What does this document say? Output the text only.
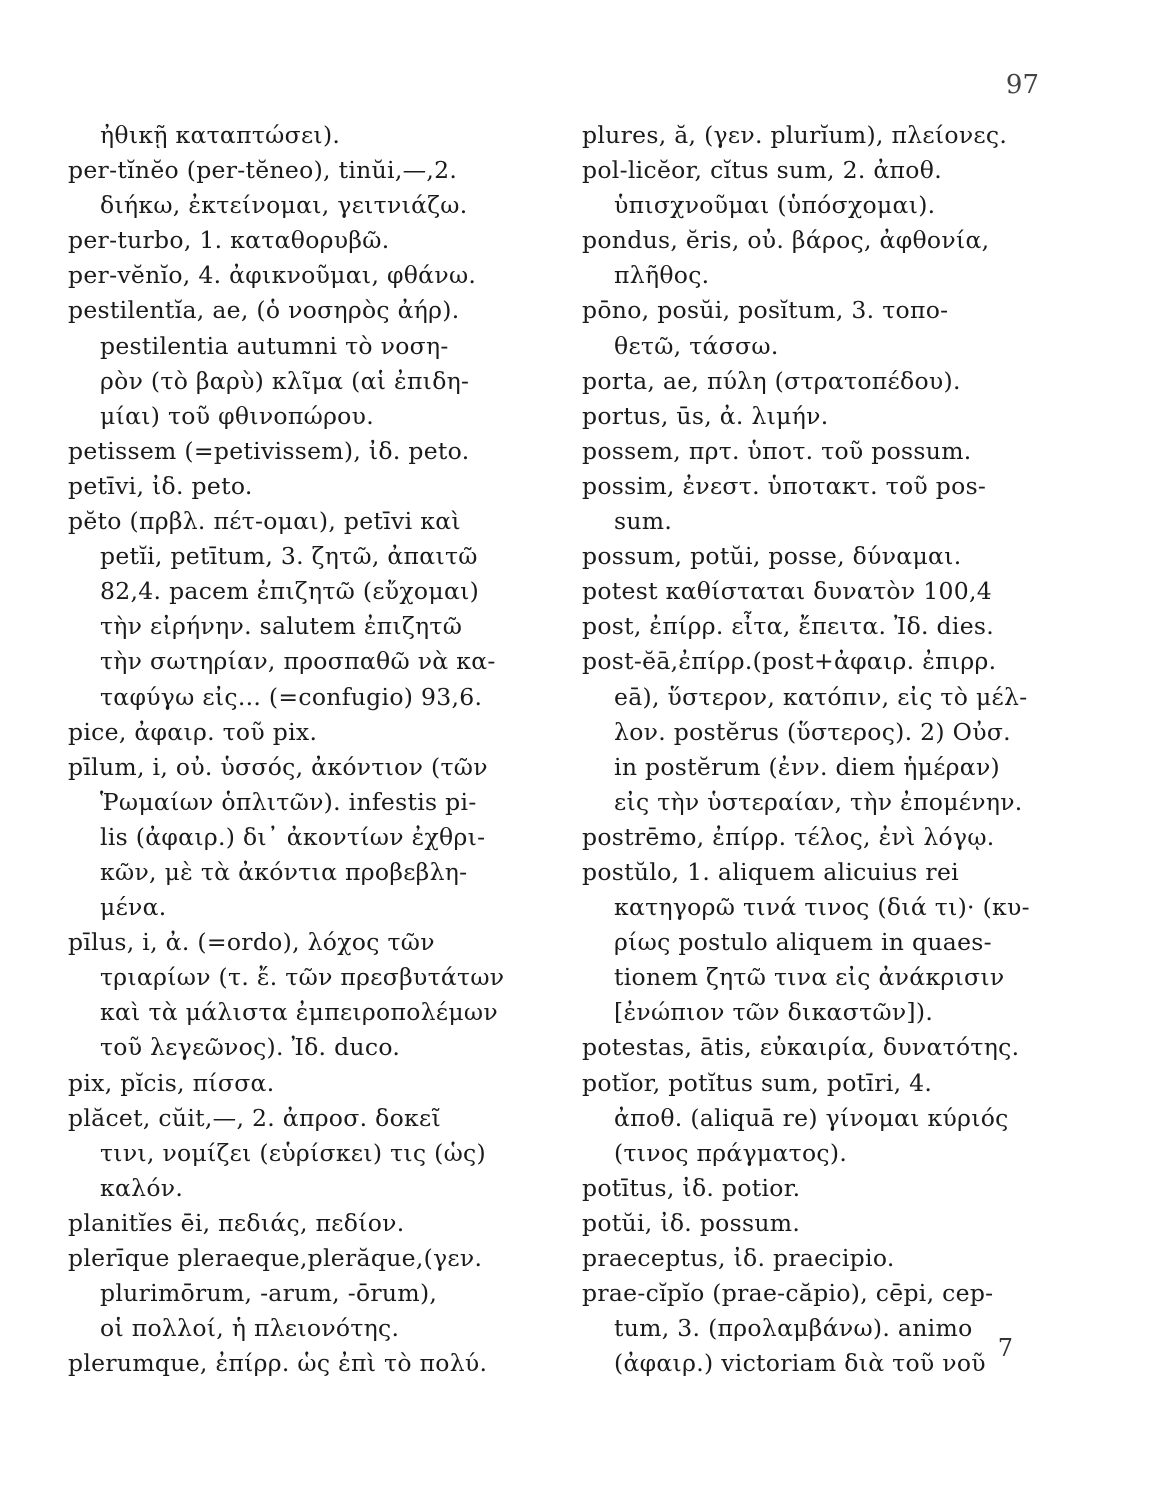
97
ἠθικῇ καταπτώσει).
per-tĭnĕo (per-tĕneo), tinŭi,—,2.
διήκω, ἐκτείνομαι, γειτνιάζω.
per-turbo, 1. καταθορυβῶ.
per-vĕnĭo, 4. ἀφικνοῦμαι, φθάνω.
pestilentĭa, ae, (ὁ νοσηρὸς ἀήρ).
pestilentia autumni τὸ νοση-
ρὸν (τὸ βαρὺ) κλῖμα (αἱ ἐπιδη-
μίαι) τοῦ φθινοπώρου.
petissem (=petivissem), ἰδ. peto.
petīvi, ἰδ. peto.
pĕto (πρβλ. πέτ-ομαι), petīvi καὶ
petĭi, petītum, 3. ζητῶ, ἀπαιτῶ
82,4. pacem ἐπιζητῶ (εὔχομαι)
τὴν εἰρήνην. salutem ἐπιζητῶ
τὴν σωτηρίαν, προσπαθῶ νὰ κα-
ταφύγω εἰς... (=confugio) 93,6.
pice, ἀφαιρ. τοῦ pix.
pīlum, i, οὐ. ὑσσός, ἀκόντιον (τῶν
Ῥωμαίων ὁπλιτῶν). infestis pi-
lis (ἀφαιρ.) δι᾽ ἀκοντίων ἐχθρι-
κῶν, μὲ τὰ ἀκόντια προβεβλη-
μένα.
pīlus, i, ἀ. (=ordo), λόχος τῶν
τριαρίων (τ. ἔ. τῶν πρεσβυτάτων
καὶ τὰ μάλιστα ἐμπειροπολέμων
τοῦ λεγεῶνος). Ἰδ. duco.
pix, pĭcis, πίσσα.
plăcet, cŭit,—, 2. ἀπροσ. δοκεῖ
τινι, νομίζει (εὑρίσκει) τις (ὡς)
καλόν.
planitĭes ēi, πεδιάς, πεδίον.
plerīque pleraeque,plerăque,(γεν.
plurimōrum, -arum, -ōrum),
οἱ πολλοί, ἡ πλειονότης.
plerumque, ἐπίρρ. ὡς ἐπὶ τὸ πολύ.
plures, ă, (γεν. plurĭum), πλείονες.
pol-licĕor, cĭtus sum, 2. ἀποθ.
ὑπισχνοῦμαι (ὑπόσχομαι).
pondus, ĕris, οὐ. βάρος, ἀφθονία,
πλῆθος.
pōno, posŭi, posĭtum, 3. τοπο-
θετῶ, τάσσω.
porta, ae, πύλη (στρατοπέδου).
portus, ūs, ἀ. λιμήν.
possem, πρτ. ὑποτ. τοῦ possum.
possim, ἐνεστ. ὑποτακτ. τοῦ pos-
sum.
possum, potŭi, posse, δύναμαι.
potest καθίσταται δυνατὸν 100,4
post, ἐπίρρ. εἶτα, ἔπειτα. Ἰδ. dies.
post-ĕā,ἐπίρρ.(post+ἀφαιρ. ἐπιρρ.
eā), ὕστερον, κατόπιν, εἰς τὸ μέλ-
λον. postĕrus (ὕστερος). 2) Οὐσ.
in postĕrum (ἐνν. diem ἡμέραν)
εἰς τὴν ὑστεραίαν, τὴν ἐπομένην.
postrēmo, ἐπίρρ. τέλος, ἐνὶ λόγῳ.
postŭlo, 1. aliquem alicuius rei
κατηγορῶ τινά τινος (διά τι)· (κυ-
ρίως postulo aliquem in quaes-
tionem ζητῶ τινα εἰς ἀνάκρισιν
[ἐνώπιον τῶν δικαστῶν]).
potestas, ātis, εὐκαιρία, δυνατότης.
potĭor, potĭtus sum, potīri, 4.
ἀποθ. (aliquā re) γίνομαι κύριός
(τινος πράγματος).
potītus, ἰδ. potior.
potŭi, ἰδ. possum.
praeceptus, ἰδ. praecipio.
prae-cĭpĭo (prae-căpio), cēpi, cep-
tum, 3. (προλαμβάνω). animo
(ἀφαιρ.) victoriam διὰ τοῦ νοῦ
7
